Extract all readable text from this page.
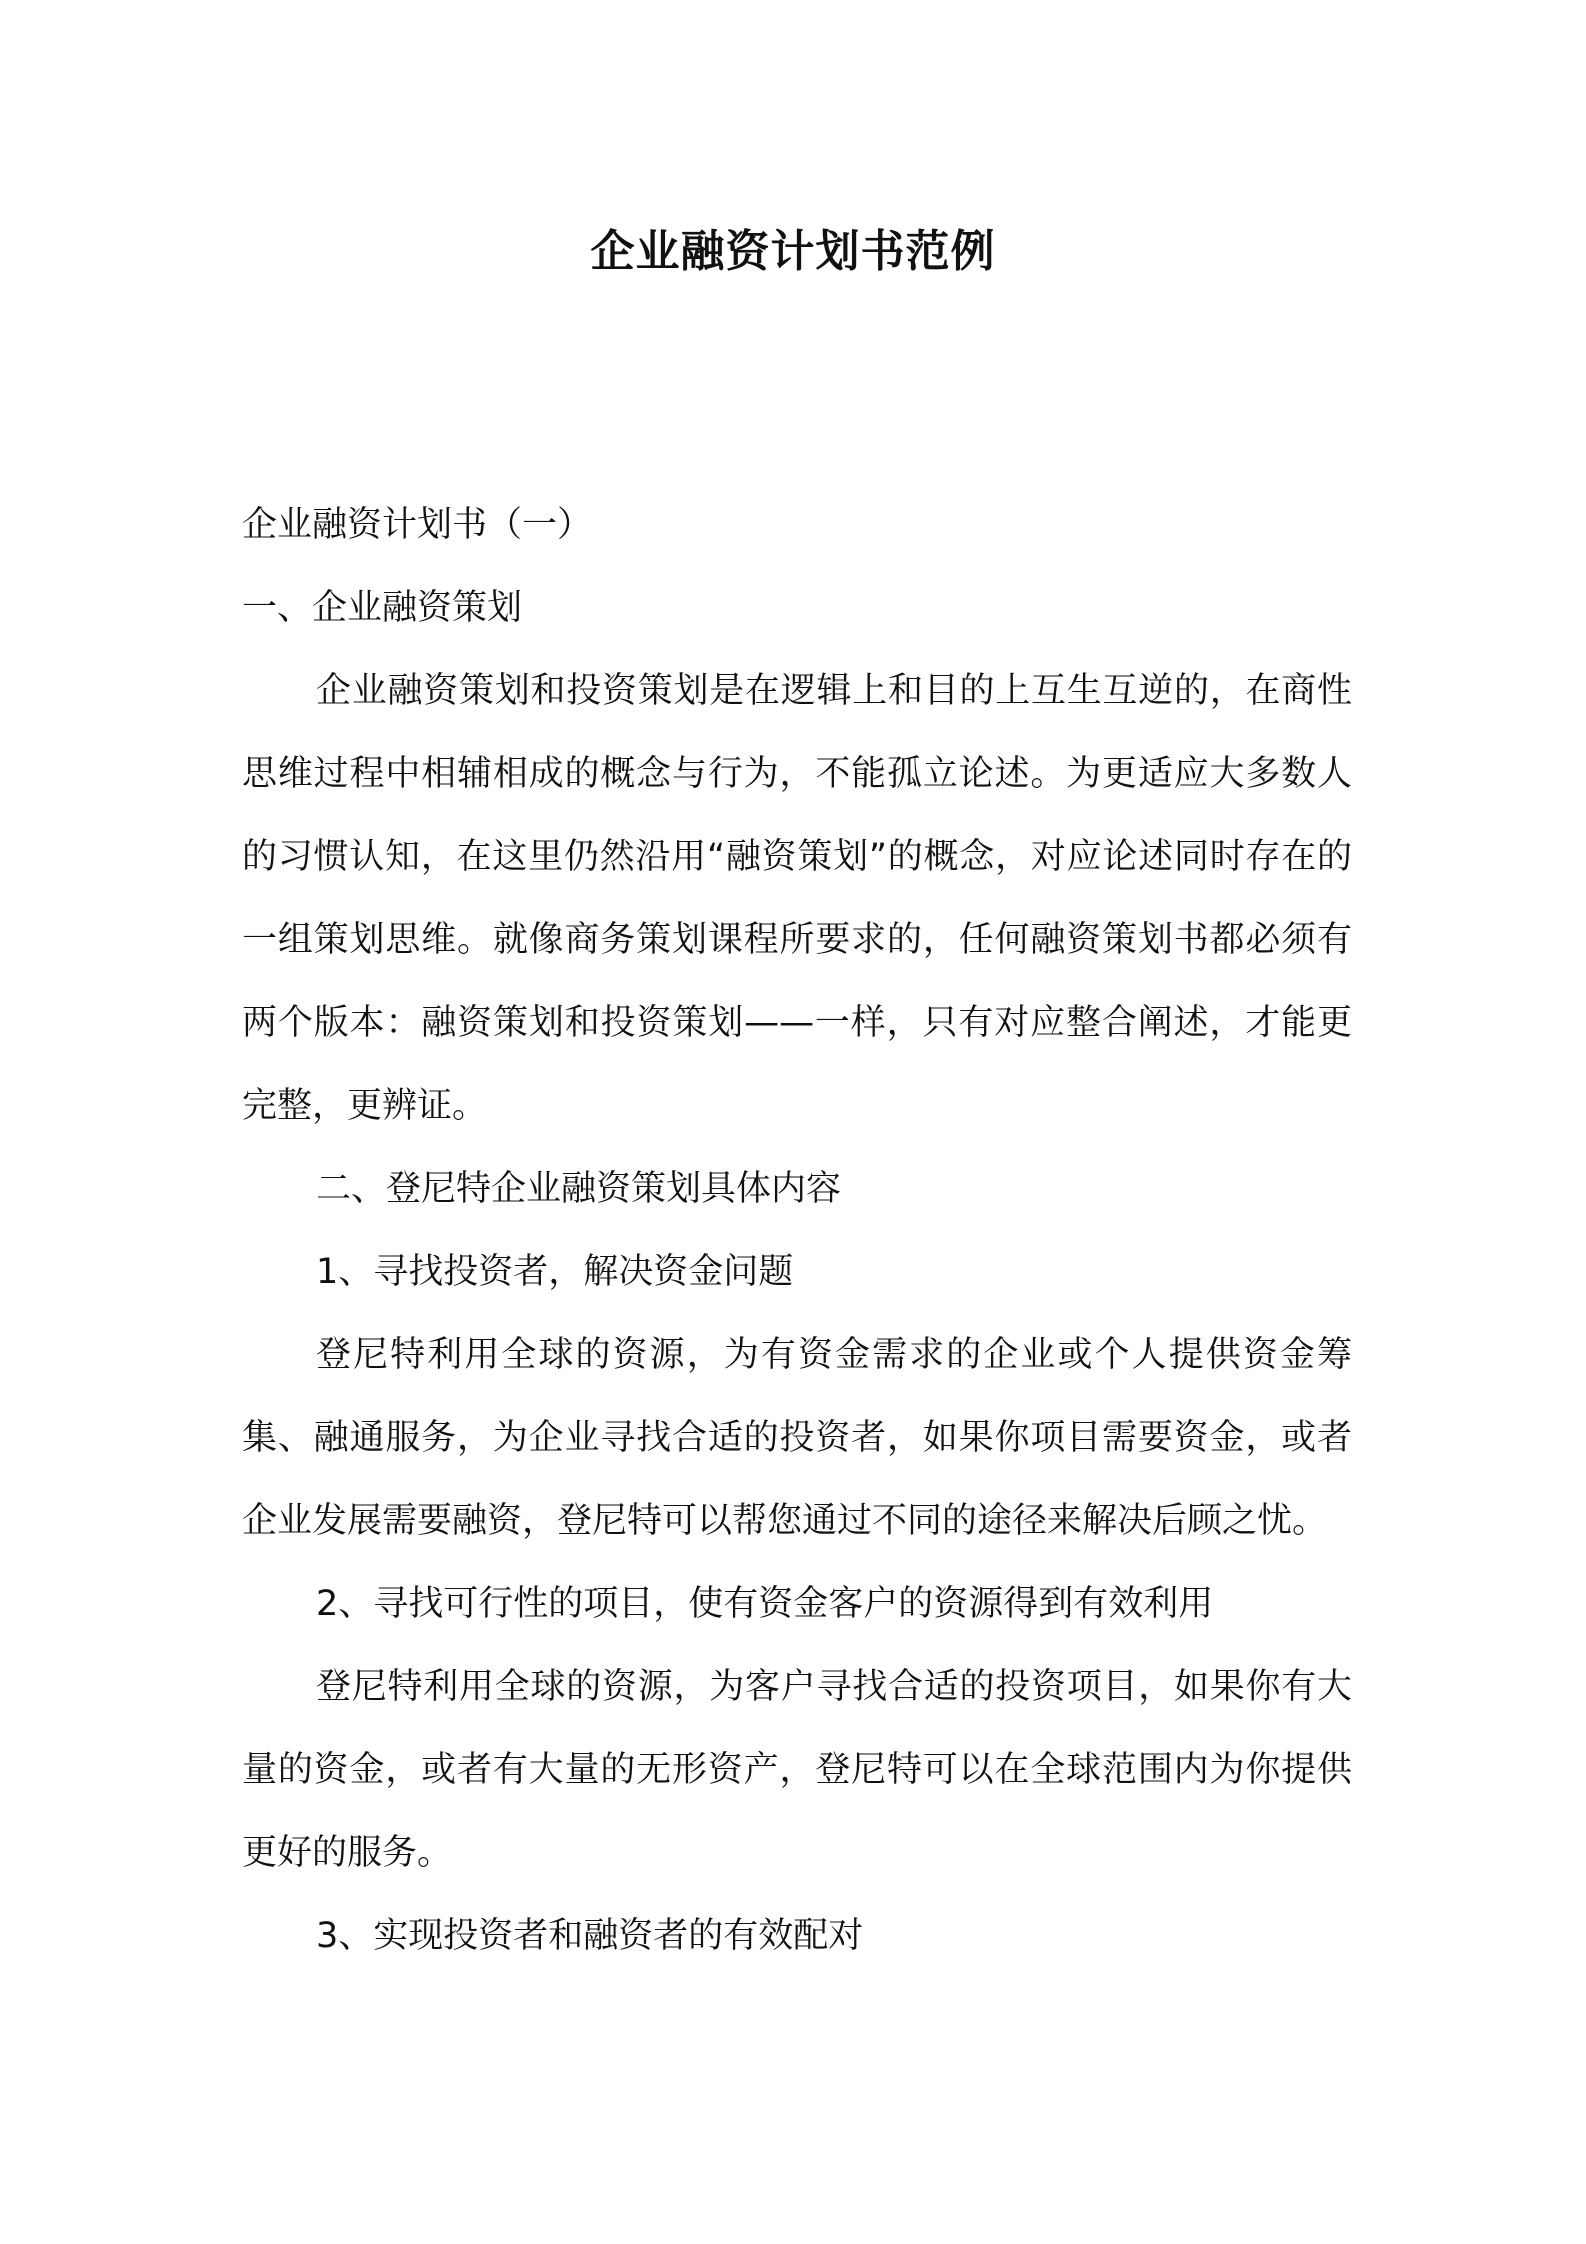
企业融资计划书范例

企业融资计划书（一）

一、企业融资策划

企业融资策划和投资策划是在逻辑上和目的上互生互逆的，在商性思维过程中相辅相成的概念与行为，不能孤立论述。为更适应大多数人的习惯认知，在这里仍然沿用“融资策划”的概念，对应论述同时存在的一组策划思维。就像商务策划课程所要求的，任何融资策划书都必须有两个版本：融资策划和投资策划——一样，只有对应整合阐述，才能更完整，更辨证。

二、登尼特企业融资策划具体内容

1、寻找投资者，解决资金问题

登尼特利用全球的资源，为有资金需求的企业或个人提供资金筹集、融通服务，为企业寻找合适的投资者，如果你项目需要资金，或者企业发展需要融资，登尼特可以帮您通过不同的途径来解决后顾之忧。

2、寻找可行性的项目，使有资金客户的资源得到有效利用

登尼特利用全球的资源，为客户寻找合适的投资项目，如果你有大量的资金，或者有大量的无形资产，登尼特可以在全球范围内为你提供更好的服务。

3、实现投资者和融资者的有效配对
